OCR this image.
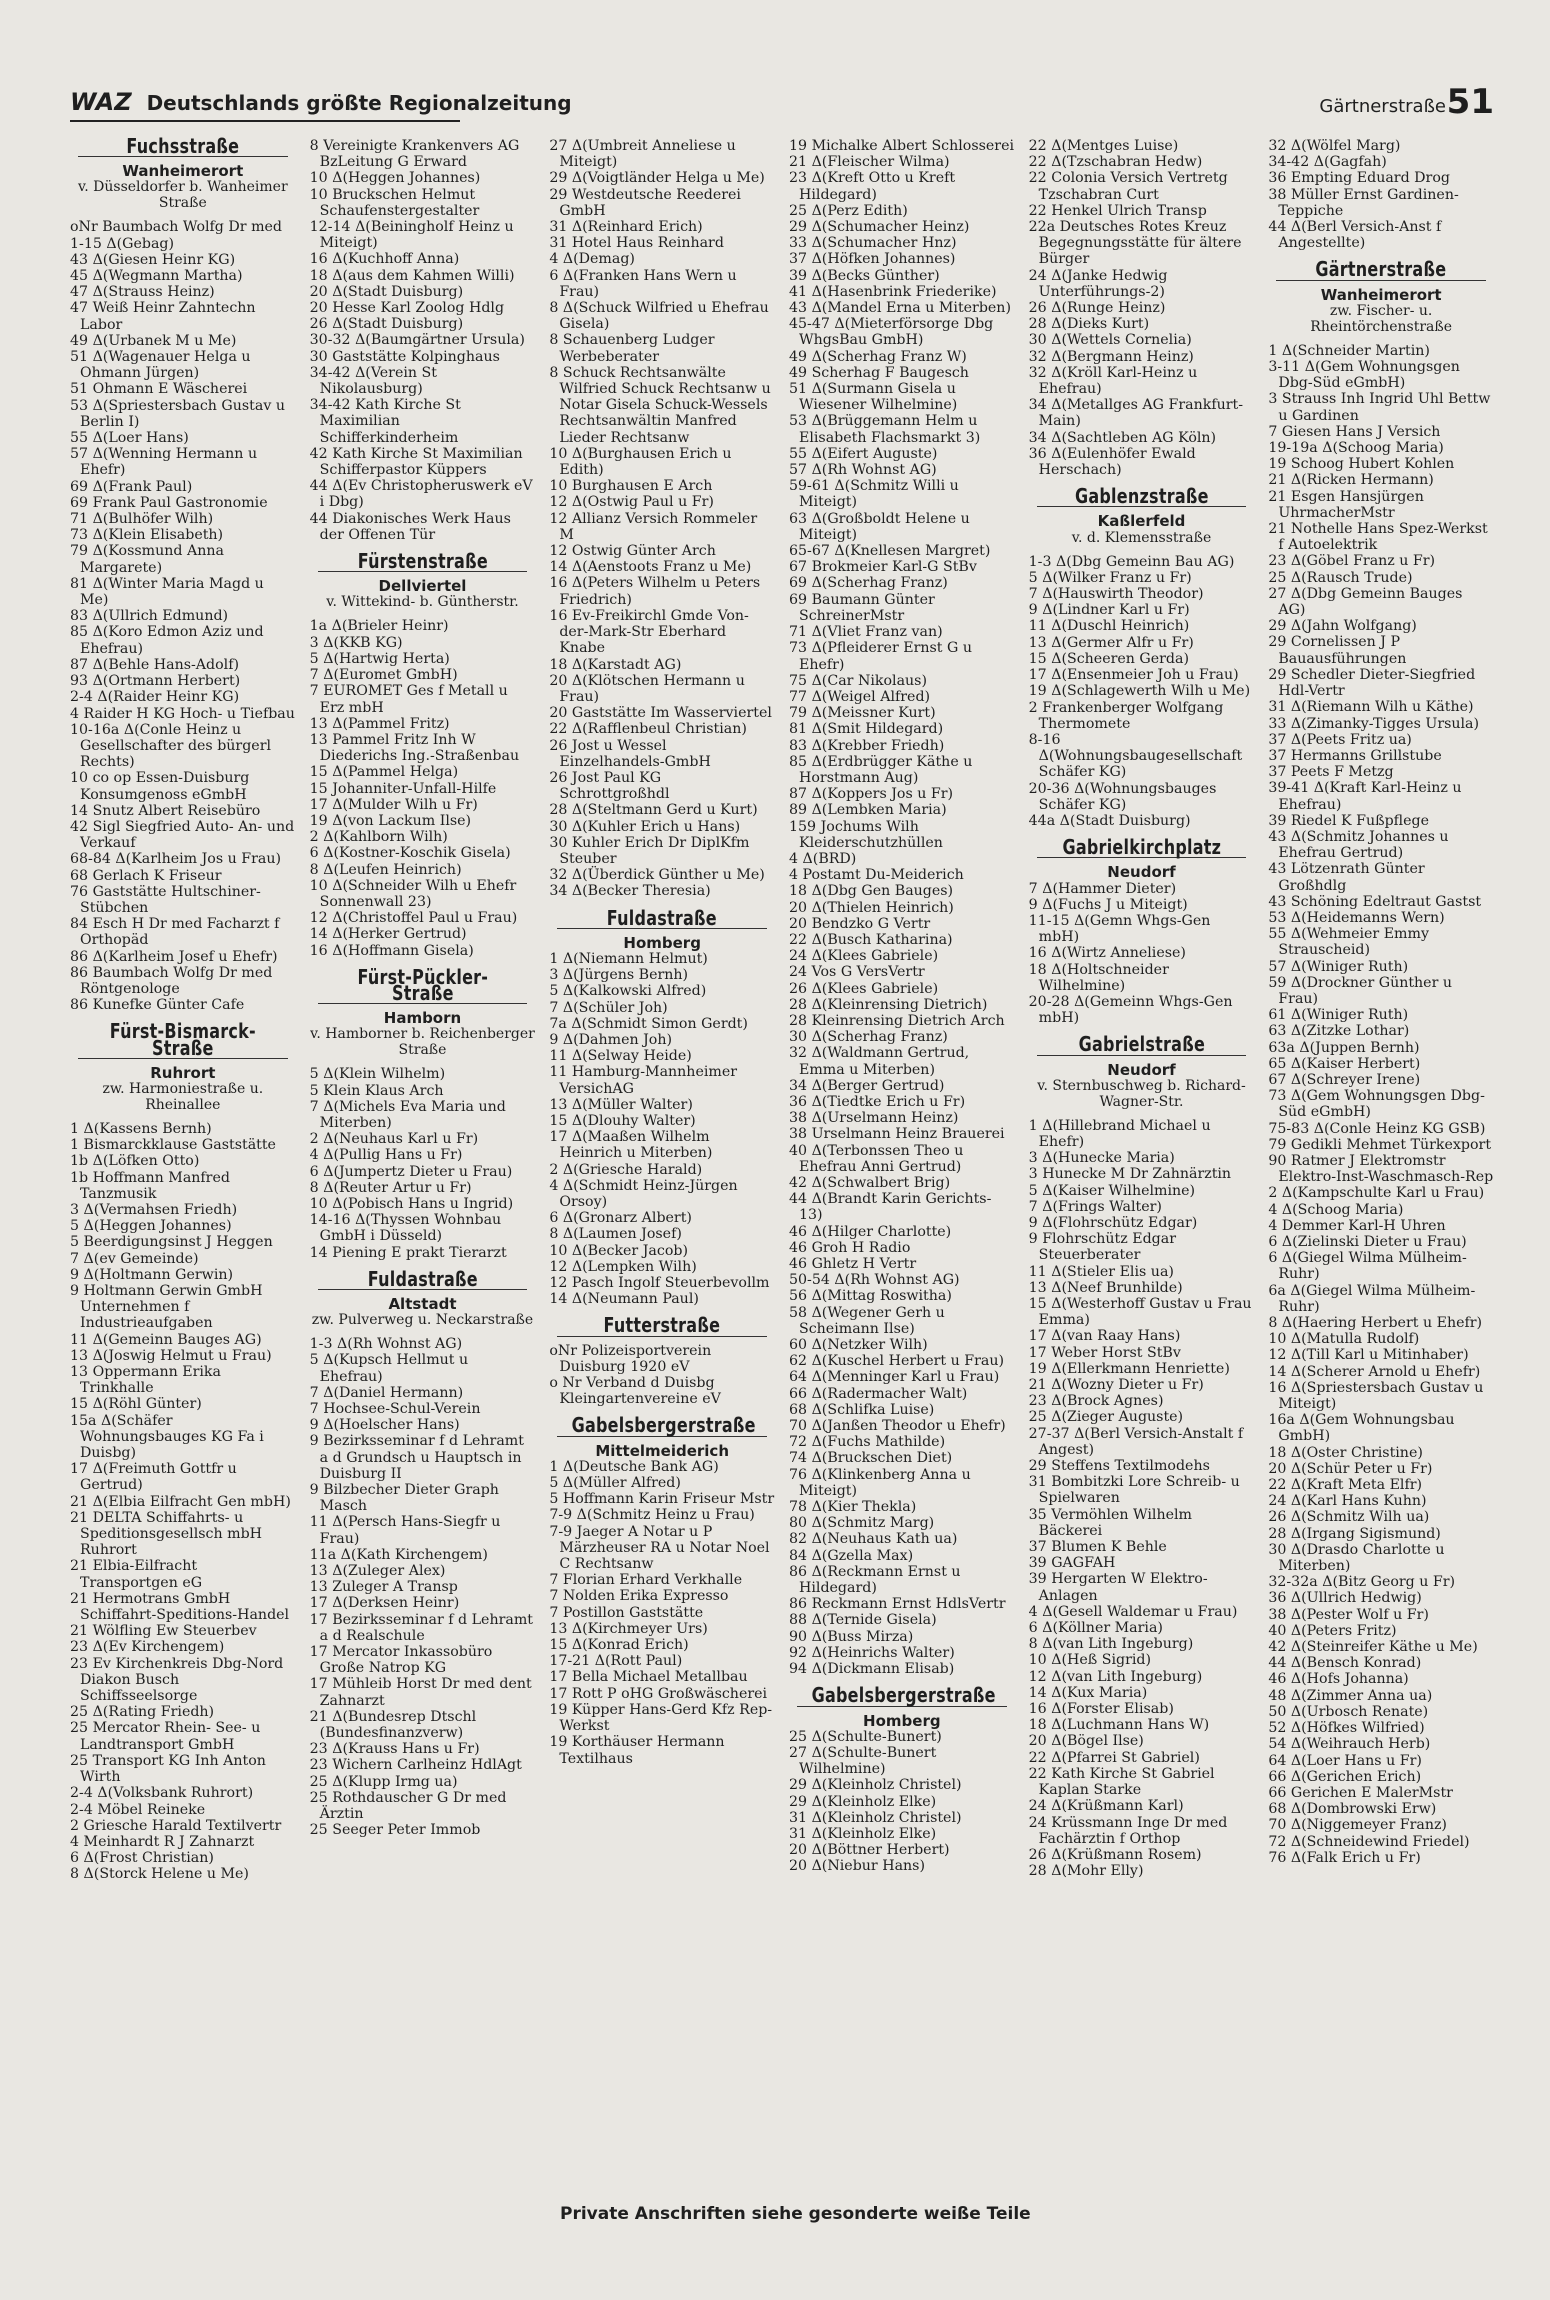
WAZ Deutschlands größte Regionalzeitung	Gärtnerstraße 51
Fuchsstraße
Wanheimerort
v. Düsseldorfer b. Wanheimer Straße
oNr Baumbach Wolfg Dr med
1-15 Δ(Gebag)
43 Δ(Giesen Heinr KG)
45 Δ(Wegmann Martha)
47 Δ(Strauss Heinz)
47 Weiß Heinr Zahntechn Labor
49 Δ(Urbanek M u Me)
51 Δ(Wagenauer Helga u Ohmann Jürgen)
51 Ohmann E Wäscherei
53 Δ(Spriestersbach Gustav u Berlin I)
55 Δ(Loer Hans)
57 Δ(Wenning Hermann u Ehefr)
69 Δ(Frank Paul)
69 Frank Paul Gastronomie
71 Δ(Bulhöfer Wilh)
73 Δ(Klein Elisabeth)
79 Δ(Kossmund Anna Margarete)
81 Δ(Winter Maria Magd u Me)
83 Δ(Ullrich Edmund)
85 Δ(Koro Edmon Aziz und Ehefrau)
87 Δ(Behle Hans-Adolf)
93 Δ(Ortmann Herbert)
2-4 Δ(Raider Heinr KG)
4 Raider H KG Hoch- u Tiefbau
10-16a Δ(Conle Heinz u Gesellschafter des bürgerl Rechts)
10 co op Essen-Duisburg Konsumgenoss eGmbH
14 Snutz Albert Reisebüro
42 Sigl Siegfried Auto- An- und Verkauf
68-84 Δ(Karlheim Jos u Frau)
68 Gerlach K Friseur
76 Gaststätte Hultschiner-Stübchen
84 Esch H Dr med Facharzt f Orthopäd
86 Δ(Karlheim Josef u Ehefr)
86 Baumbach Wolfg Dr med Röntgenologe
86 Kunefke Günter Cafe
Fürst-Bismarck-Straße
Ruhrort
zw. Harmoniestraße u. Rheinallee
1 Δ(Kassens Bernh)
1 Bismarckklause Gaststätte
1b Δ(Löfken Otto)
1b Hoffmann Manfred Tanzmusik
3 Δ(Vermahsen Friedh)
5 Δ(Heggen Johannes)
5 Beerdigungsinst J Heggen
7 Δ(ev Gemeinde)
9 Δ(Holtmann Gerwin)
9 Holtmann Gerwin GmbH Unternehmen f Industrieaufgaben
11 Δ(Gemeinn Bauges AG)
13 Δ(Joswig Helmut u Frau)
13 Oppermann Erika Trinkhalle
15 Δ(Röhl Günter)
15a Δ(Schäfer Wohnungsbauges KG Fa i Duisbg)
17 Δ(Freimuth Gottfr u Gertrud)
21 Δ(Elbia Eilfracht Gen mbH)
21 DELTA Schiffahrts- u Speditionsgesellsch mbH Ruhrort
21 Elbia-Eilfracht Transportgen eG
21 Hermotrans GmbH Schiffahrt-Speditions-Handel
21 Wölfling Ew Steuerbev
23 Δ(Ev Kirchengem)
23 Ev Kirchenkreis Dbg-Nord Diakon Busch Schiffsseelsorge
25 Δ(Rating Friedh)
25 Mercator Rhein- See- u Landtransport GmbH
25 Transport KG Inh Anton Wirth
2-4 Δ(Volksbank Ruhrort)
2-4 Möbel Reineke
2 Griesche Harald Textilvertr
4 Meinhardt R J Zahnarzt
6 Δ(Frost Christian)
8 Δ(Storck Helene u Me)
8 Vereinigte Krankenvers AG BzLeitung G Erward
10 Δ(Heggen Johannes)
10 Bruckschen Helmut Schaufenstergestalter
12-14 Δ(Beiningholf Heinz u Miteigt)
16 Δ(Kuchhoff Anna)
18 Δ(aus dem Kahmen Willi)
20 Δ(Stadt Duisburg)
20 Hesse Karl Zoolog Hdlg
26 Δ(Stadt Duisburg)
30-32 Δ(Baumgärtner Ursula)
30 Gaststätte Kolpinghaus
34-42 Δ(Verein St Nikolausburg)
34-42 Kath Kirche St Maximilian Schifferkinderheim
42 Kath Kirche St Maximilian Schifferpastor Küppers
44 Δ(Ev Christopheruswerk eV i Dbg)
44 Diakonisches Werk Haus der Offenen Tür
Fürstenstraße
Dellviertel
v. Wittekind- b. Güntherstr.
1a Δ(Brieler Heinr)
3 Δ(KKB KG)
5 Δ(Hartwig Herta)
7 Δ(Euromet GmbH)
7 EUROMET Ges f Metall u Erz mbH
13 Δ(Pammel Fritz)
13 Pammel Fritz Inh W Diederichs Ing.-Straßenbau
15 Δ(Pammel Helga)
15 Johanniter-Unfall-Hilfe
17 Δ(Mulder Wilh u Fr)
19 Δ(von Lackum Ilse)
2 Δ(Kahlborn Wilh)
6 Δ(Kostner-Koschik Gisela)
8 Δ(Leufen Heinrich)
10 Δ(Schneider Wilh u Ehefr Sonnenwall 23)
12 Δ(Christoffel Paul u Frau)
14 Δ(Herker Gertrud)
16 Δ(Hoffmann Gisela)
Fürst-Pückler-Straße
Hamborn
v. Hamborner b. Reichenberger Straße
5 Δ(Klein Wilhelm)
5 Klein Klaus Arch
7 Δ(Michels Eva Maria und Miterben)
2 Δ(Neuhaus Karl u Fr)
4 Δ(Pullig Hans u Fr)
6 Δ(Jumpertz Dieter u Frau)
8 Δ(Reuter Artur u Fr)
10 Δ(Pobisch Hans u Ingrid)
14-16 Δ(Thyssen Wohnbau GmbH i Düsseld)
14 Piening E prakt Tierarzt
Fuldastraße
Altstadt
zw. Pulverweg u. Neckarstraße
1-3 Δ(Rh Wohnst AG)
5 Δ(Kupsch Hellmut u Ehefrau)
7 Δ(Daniel Hermann)
7 Hochsee-Schul-Verein
9 Δ(Hoelscher Hans)
9 Bezirksseminar f d Lehramt a d Grundsch u Hauptsch in Duisburg II
9 Bilzbecher Dieter Graph Masch
11 Δ(Persch Hans-Siegfr u Frau)
11a Δ(Kath Kirchengem)
13 Δ(Zuleger Alex)
13 Zuleger A Transp
17 Δ(Derksen Heinr)
17 Bezirksseminar f d Lehramt a d Realschule
17 Mercator Inkassobüro Große Natrop KG
17 Mühleib Horst Dr med dent Zahnarzt
21 Δ(Bundesrep Dtschl (Bundesfinanzverw)
23 Δ(Krauss Hans u Fr)
23 Wichern Carlheinz HdlAgt
25 Δ(Klupp Irmg ua)
25 Rothdauscher G Dr med Ärztin
25 Seeger Peter Immob
27 Δ(Umbreit Anneliese u Miteigt)
29 Δ(Voigtländer Helga u Me)
29 Westdeutsche Reederei GmbH
31 Δ(Reinhard Erich)
31 Hotel Haus Reinhard
4 Δ(Demag)
6 Δ(Franken Hans Wern u Frau)
8 Δ(Schuck Wilfried u Ehefrau Gisela)
8 Schauenberg Ludger Werbeberater
8 Schuck Rechtsanwälte Wilfried Schuck Rechtsanw u Notar Gisela Schuck-Wessels Rechtsanwältin Manfred Lieder Rechtsanw
10 Δ(Burghausen Erich u Edith)
10 Burghausen E Arch
12 Δ(Ostwig Paul u Fr)
12 Allianz Versich Rommeler M
12 Ostwig Günter Arch
14 Δ(Aenstoots Franz u Me)
16 Δ(Peters Wilhelm u Peters Friedrich)
16 Ev-Freikirchl Gmde Von-der-Mark-Str Eberhard Knabe
18 Δ(Karstadt AG)
20 Δ(Klötschen Hermann u Frau)
20 Gaststätte Im Wasserviertel
22 Δ(Rafflenbeul Christian)
26 Jost u Wessel Einzelhandels-GmbH
26 Jost Paul KG Schrottgroßhdl
28 Δ(Steltmann Gerd u Kurt)
30 Δ(Kuhler Erich u Hans)
30 Kuhler Erich Dr DiplKfm Steuber
32 Δ(Überdick Günther u Me)
34 Δ(Becker Theresia)
Fuldastraße
Homberg
1 Δ(Niemann Helmut)
3 Δ(Jürgens Bernh)
5 Δ(Kalkowski Alfred)
7 Δ(Schüler Joh)
7a Δ(Schmidt Simon Gerdt)
9 Δ(Dahmen Joh)
11 Δ(Selway Heide)
11 Hamburg-Mannheimer VersichAG
13 Δ(Müller Walter)
15 Δ(Dlouhy Walter)
17 Δ(Maaßen Wilhelm Heinrich u Miterben)
2 Δ(Griesche Harald)
4 Δ(Schmidt Heinz-Jürgen Orsoy)
6 Δ(Gronarz Albert)
8 Δ(Laumen Josef)
10 Δ(Becker Jacob)
12 Δ(Lempken Wilh)
12 Pasch Ingolf Steuerbevollm
14 Δ(Neumann Paul)
Futterstraße
oNr Polizeisportverein Duisburg 1920 eV
o Nr Verband d Duisbg Kleingartenvereine eV
Gabelsbergerstraße
Mittelmeiderich
1 Δ(Deutsche Bank AG)
5 Δ(Müller Alfred)
5 Hoffmann Karin Friseur Mstr
7-9 Δ(Schmitz Heinz u Frau)
7-9 Jaeger A Notar u P Märzheuser RA u Notar Noel C Rechtsanw
7 Florian Erhard Verkhalle
7 Nolden Erika Expresso
7 Postillon Gaststätte
13 Δ(Kirchmeyer Urs)
15 Δ(Konrad Erich)
17-21 Δ(Rott Paul)
17 Bella Michael Metallbau
17 Rott P oHG Großwäscherei
19 Küpper Hans-Gerd Kfz Rep-Werkst
19 Korthäuser Hermann Textilhaus
19 Michalke Albert Schlosserei
21 Δ(Fleischer Wilma)
23 Δ(Kreft Otto u Kreft Hildegard)
25 Δ(Perz Edith)
29 Δ(Schumacher Heinz)
33 Δ(Schumacher Hnz)
37 Δ(Höfken Johannes)
39 Δ(Becks Günther)
41 Δ(Hasenbrink Friederike)
43 Δ(Mandel Erna u Miterben)
45-47 Δ(Mieterförsorge Dbg WhgsBau GmbH)
49 Δ(Scherhag Franz W)
49 Scherhag F Baugesch
51 Δ(Surmann Gisela u Wiesener Wilhelmine)
53 Δ(Brüggemann Helm u Elisabeth Flachsmarkt 3)
55 Δ(Eifert Auguste)
57 Δ(Rh Wohnst AG)
59-61 Δ(Schmitz Willi u Miteigt)
63 Δ(Großboldt Helene u Miteigt)
65-67 Δ(Knellesen Margret)
67 Brokmeier Karl-G StBv
69 Δ(Scherhag Franz)
69 Baumann Günter SchreinerMstr
71 Δ(Vliet Franz van)
73 Δ(Pfleiderer Ernst G u Ehefr)
75 Δ(Car Nikolaus)
77 Δ(Weigel Alfred)
79 Δ(Meissner Kurt)
81 Δ(Smit Hildegard)
83 Δ(Krebber Friedh)
85 Δ(Erdbrügger Käthe u Horstmann Aug)
87 Δ(Koppers Jos u Fr)
89 Δ(Lembken Maria)
159 Jochums Wilh Kleiderschutzhüllen
4 Δ(BRD)
4 Postamt Du-Meiderich
18 Δ(Dbg Gen Bauges)
20 Δ(Thielen Heinrich)
20 Bendzko G Vertr
22 Δ(Busch Katharina)
24 Δ(Klees Gabriele)
24 Vos G VersVertr
26 Δ(Klees Gabriele)
28 Δ(Kleinrensing Dietrich)
28 Kleinrensing Dietrich Arch
30 Δ(Scherhag Franz)
32 Δ(Waldmann Gertrud, Emma u Miterben)
34 Δ(Berger Gertrud)
36 Δ(Tiedtke Erich u Fr)
38 Δ(Urselmann Heinz)
38 Urselmann Heinz Brauerei
40 Δ(Terbonssen Theo u Ehefrau Anni Gertrud)
42 Δ(Schwalbert Brig)
44 Δ(Brandt Karin Gerichts-13)
46 Δ(Hilger Charlotte)
46 Groh H Radio
46 Ghletz H Vertr
50-54 Δ(Rh Wohnst AG)
56 Δ(Mittag Roswitha)
58 Δ(Wegener Gerh u Scheimann Ilse)
60 Δ(Netzker Wilh)
62 Δ(Kuschel Herbert u Frau)
64 Δ(Menninger Karl u Frau)
66 Δ(Radermacher Walt)
68 Δ(Schlifka Luise)
70 Δ(Janßen Theodor u Ehefr)
72 Δ(Fuchs Mathilde)
74 Δ(Bruckschen Diet)
76 Δ(Klinkenberg Anna u Miteigt)
78 Δ(Kier Thekla)
80 Δ(Schmitz Marg)
82 Δ(Neuhaus Kath ua)
84 Δ(Gzella Max)
86 Δ(Reckmann Ernst u Hildegard)
86 Reckmann Ernst HdlsVertr
88 Δ(Ternide Gisela)
90 Δ(Buss Mirza)
92 Δ(Heinrichs Walter)
94 Δ(Dickmann Elisab)
Gabelsbergerstraße
Homberg
25 Δ(Schulte-Bunert)
27 Δ(Schulte-Bunert Wilhelmine)
29 Δ(Kleinholz Christel)
29 Δ(Kleinholz Elke)
31 Δ(Kleinholz Christel)
31 Δ(Kleinholz Elke)
20 Δ(Böttner Herbert)
20 Δ(Niebur Hans)
22 Δ(Mentges Luise)
22 Δ(Tzschabran Hedw)
22 Colonia Versich Vertretg Tzschabran Curt
22 Henkel Ulrich Transp
22a Deutsches Rotes Kreuz Begegnungsstätte für ältere Bürger
24 Δ(Janke Hedwig Unterführungs-2)
26 Δ(Runge Heinz)
28 Δ(Dieks Kurt)
30 Δ(Wettels Cornelia)
32 Δ(Bergmann Heinz)
32 Δ(Kröll Karl-Heinz u Ehefrau)
34 Δ(Metallges AG Frankfurt-Main)
34 Δ(Sachtleben AG Köln)
36 Δ(Eulenhöfer Ewald Herschach)
Gablenzstraße
Kaßlerfeld
v. d. Klemensstraße
1-3 Δ(Dbg Gemeinn Bau AG)
5 Δ(Wilker Franz u Fr)
7 Δ(Hauswirth Theodor)
9 Δ(Lindner Karl u Fr)
11 Δ(Duschl Heinrich)
13 Δ(Germer Alfr u Fr)
15 Δ(Scheeren Gerda)
17 Δ(Ensenmeier Joh u Frau)
19 Δ(Schlagewerth Wilh u Me)
2 Frankenberger Wolfgang Thermomete
8-16 Δ(Wohnungsbaugesellschaft Schäfer KG)
20-36 Δ(Wohnungsbauges Schäfer KG)
44a Δ(Stadt Duisburg)
Gabrielkirchplatz
Neudorf
7 Δ(Hammer Dieter)
9 Δ(Fuchs J u Miteigt)
11-15 Δ(Gemn Whgs-Gen mbH)
16 Δ(Wirtz Anneliese)
18 Δ(Holtschneider Wilhelmine)
20-28 Δ(Gemeinn Whgs-Gen mbH)
Gabrielstraße
Neudorf
v. Sternbuschweg b. Richard-Wagner-Str.
1 Δ(Hillebrand Michael u Ehefr)
3 Δ(Hunecke Maria)
3 Hunecke M Dr Zahnärztin
5 Δ(Kaiser Wilhelmine)
7 Δ(Frings Walter)
9 Δ(Flohrschütz Edgar)
9 Flohrschütz Edgar Steuerberater
11 Δ(Stieler Elis ua)
13 Δ(Neef Brunhilde)
15 Δ(Westerhoff Gustav u Frau Emma)
17 Δ(van Raay Hans)
17 Weber Horst StBv
19 Δ(Ellerkmann Henriette)
21 Δ(Wozny Dieter u Fr)
23 Δ(Brock Agnes)
25 Δ(Zieger Auguste)
27-37 Δ(Berl Versich-Anstalt f Angest)
29 Steffens Textilmodehs
31 Bombitzki Lore Schreib- u Spielwaren
35 Vermöhlen Wilhelm Bäckerei
37 Blumen K Behle
39 GAGFAH
39 Hergarten W Elektro-Anlagen
4 Δ(Gesell Waldemar u Frau)
6 Δ(Köllner Maria)
8 Δ(van Lith Ingeburg)
10 Δ(Heß Sigrid)
12 Δ(van Lith Ingeburg)
14 Δ(Kux Maria)
16 Δ(Forster Elisab)
18 Δ(Luchmann Hans W)
20 Δ(Bögel Ilse)
22 Δ(Pfarrei St Gabriel)
22 Kath Kirche St Gabriel Kaplan Starke
24 Δ(Krüßmann Karl)
24 Krüssmann Inge Dr med Fachärztin f Orthop
26 Δ(Krüßmann Rosem)
28 Δ(Mohr Elly)
32 Δ(Wölfel Marg)
34-42 Δ(Gagfah)
36 Empting Eduard Drog
38 Müller Ernst Gardinen-Teppiche
44 Δ(Berl Versich-Anst f Angestellte)
Gärtnerstraße
Wanheimerort
zw. Fischer- u. Rheintörchenstraße
1 Δ(Schneider Martin)
3-11 Δ(Gem Wohnungsgen Dbg-Süd eGmbH)
3 Strauss Inh Ingrid Uhl Bettw u Gardinen
7 Giesen Hans J Versich
19-19a Δ(Schoog Maria)
19 Schoog Hubert Kohlen
21 Δ(Ricken Hermann)
21 Esgen Hansjürgen UhrmacherMstr
21 Nothelle Hans Spez-Werkst f Autoelektrik
23 Δ(Göbel Franz u Fr)
25 Δ(Rausch Trude)
27 Δ(Dbg Gemeinn Bauges AG)
29 Δ(Jahn Wolfgang)
29 Cornelissen J P Bauausführungen
29 Schedler Dieter-Siegfried Hdl-Vertr
31 Δ(Riemann Wilh u Käthe)
33 Δ(Zimanky-Tigges Ursula)
37 Δ(Peets Fritz ua)
37 Hermanns Grillstube
37 Peets F Metzg
39-41 Δ(Kraft Karl-Heinz u Ehefrau)
39 Riedel K Fußpflege
43 Δ(Schmitz Johannes u Ehefrau Gertrud)
43 Lötzenrath Günter Großhdlg
43 Schöning Edeltraut Gastst
53 Δ(Heidemanns Wern)
55 Δ(Wehmeier Emmy Strauscheid)
57 Δ(Winiger Ruth)
59 Δ(Drockner Günther u Frau)
61 Δ(Winiger Ruth)
63 Δ(Zitzke Lothar)
63a Δ(Juppen Bernh)
65 Δ(Kaiser Herbert)
67 Δ(Schreyer Irene)
73 Δ(Gem Wohnungsgen Dbg-Süd eGmbH)
75-83 Δ(Conle Heinz KG GSB)
79 Gedikli Mehmet Türkexport
90 Ratmer J Elektromstr Elektro-Inst-Waschmasch-Rep
2 Δ(Kampschulte Karl u Frau)
4 Δ(Schoog Maria)
4 Demmer Karl-H Uhren
6 Δ(Zielinski Dieter u Frau)
6 Δ(Giegel Wilma Mülheim-Ruhr)
6a Δ(Giegel Wilma Mülheim-Ruhr)
8 Δ(Haering Herbert u Ehefr)
10 Δ(Matulla Rudolf)
12 Δ(Till Karl u Mitinhaber)
14 Δ(Scherer Arnold u Ehefr)
16 Δ(Spriestersbach Gustav u Miteigt)
16a Δ(Gem Wohnungsbau GmbH)
18 Δ(Oster Christine)
20 Δ(Schür Peter u Fr)
22 Δ(Kraft Meta Elfr)
24 Δ(Karl Hans Kuhn)
26 Δ(Schmitz Wilh ua)
28 Δ(Irgang Sigismund)
30 Δ(Drasdo Charlotte u Miterben)
32-32a Δ(Bitz Georg u Fr)
36 Δ(Ullrich Hedwig)
38 Δ(Pester Wolf u Fr)
40 Δ(Peters Fritz)
42 Δ(Steinreifer Käthe u Me)
44 Δ(Bensch Konrad)
46 Δ(Hofs Johanna)
48 Δ(Zimmer Anna ua)
50 Δ(Urbosch Renate)
52 Δ(Höfkes Wilfried)
54 Δ(Weihrauch Herb)
64 Δ(Loer Hans u Fr)
66 Δ(Gerichen Erich)
66 Gerichen E MalerMstr
68 Δ(Dombrowski Erw)
70 Δ(Niggemeyer Franz)
72 Δ(Schneidewind Friedel)
76 Δ(Falk Erich u Fr)
Private Anschriften siehe gesonderte weiße Teile
